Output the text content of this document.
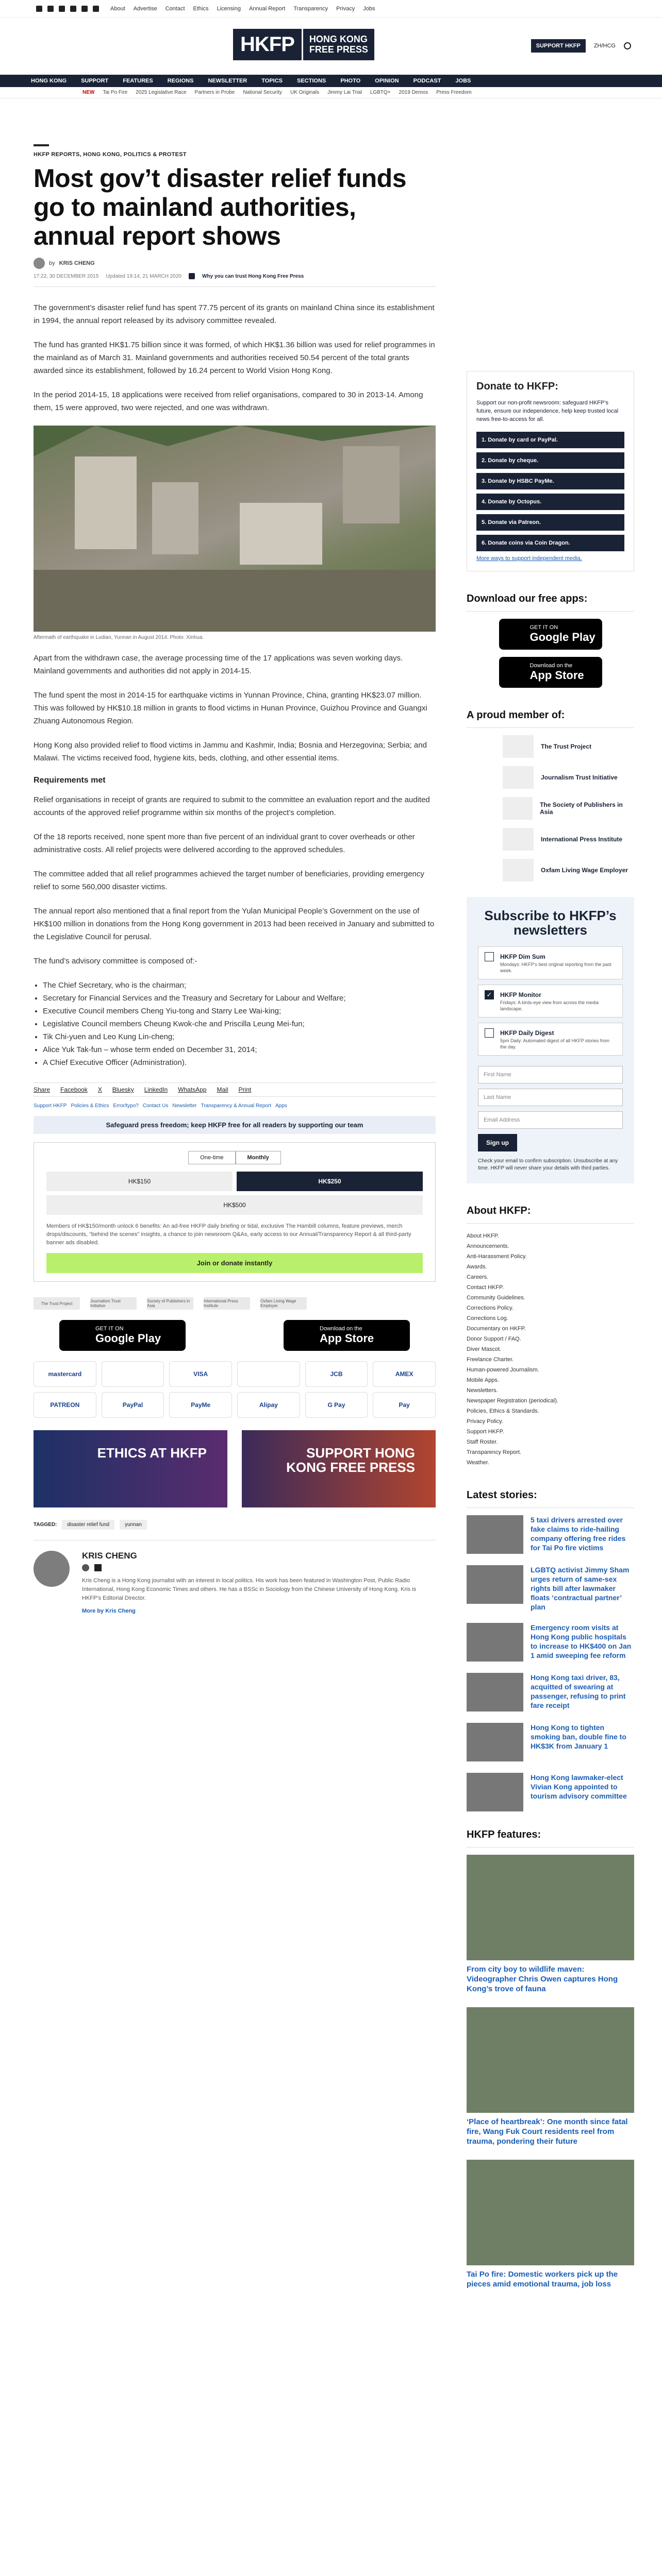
About Advertise Contact Ethics Licensing Annual Report Transparency Privacy Jobs
HKFP	HONG KONG
FREE PRESS	SUPPORT HKFP	ZH/HCG
HONG KONG	SUPPORT	FEATURES	REGIONS	NEWSLETTER	TOPICS	SECTIONS	PHOTO	OPINION	PODCAST	JOBS
NEW Tai Po Fire 2025 Legislative Race Partners in Probe National Security UK Originals Jimmy Lai Trial LGBTQ+ 2019 Demos Press Freedom
HKFP REPORTS, HONG KONG, POLITICS & PROTEST
Most gov’t disaster relief funds go to mainland authorities, annual report shows
by KRIS CHENG
17:22, 30 DECEMBER 2015 Updated 19:14, 21 MARCH 2020	Why you can trust Hong Kong Free Press

The government’s disaster relief fund has spent 77.75 percent of its grants on mainland China since its establishment in 1994, the annual report released by its advisory committee revealed.

The fund has granted HK$1.75 billion since it was formed, of which HK$1.36 billion was used for relief programmes in the mainland as of March 31. Mainland governments and authorities received 50.54 percent of the total grants awarded since its establishment, followed by 16.24 percent to World Vision Hong Kong.

In the period 2014-15, 18 applications were received from relief organisations, compared to 30 in 2013-14. Among them, 15 were approved, two were rejected, and one was withdrawn.

Aftermath of earthquake in Ludian, Yunnan in August 2014. Photo: Xinhua.

Apart from the withdrawn case, the average processing time of the 17 applications was seven working days. Mainland governments and authorities did not apply in 2014-15.

The fund spent the most in 2014-15 for earthquake victims in Yunnan Province, China, granting HK$23.07 million. This was followed by HK$10.18 million in grants to flood victims in Hunan Province, Guizhou Province and Guangxi Zhuang Autonomous Region.

Hong Kong also provided relief to flood victims in Jammu and Kashmir, India; Bosnia and Herzegovina; Serbia; and Malawi. The victims received food, hygiene kits, beds, clothing, and other essential items.

Requirements met

Relief organisations in receipt of grants are required to submit to the committee an evaluation report and the audited accounts of the approved relief programme within six months of the project’s completion.

Of the 18 reports received, none spent more than five percent of an individual grant to cover overheads or other administrative costs. All relief projects were delivered according to the approved schedules.

The committee added that all relief programmes achieved the target number of beneficiaries, providing emergency relief to some 560,000 disaster victims.

The annual report also mentioned that a final report from the Yulan Municipal People’s Government on the use of HK$100 million in donations from the Hong Kong government in 2013 had been received in January and submitted to the Legislative Council for perusal.

The fund’s advisory committee is composed of:-

• The Chief Secretary, who is the chairman;
• Secretary for Financial Services and the Treasury and Secretary for Labour and Welfare;
• Executive Council members Cheng Yiu-tong and Starry Lee Wai-king;
• Legislative Council members Cheung Kwok-che and Priscilla Leung Mei-fun;
• Tik Chi-yuen and Leo Kung Lin-cheng;
• Alice Yuk Tak-fun – whose term ended on December 31, 2014;
• A Chief Executive Officer (Administration).
Share Facebook X Bluesky LinkedIn WhatsApp Mail Print
Support HKFP Policies & Ethics Error/typo? Contact Us Newsletter Transparency & Annual Report Apps
Safeguard press freedom; keep HKFP free for all readers by supporting our team
One-time	Monthly
HK$150	HK$250
HK$500
Members of HK$150/month unlock 6 benefits: An ad-free HKFP daily briefing or tidal, exclusive The Hambill columns, feature previews, merch drops/discounts, "behind the scenes" insights, a chance to join newsroom Q&As, early access to our Annual/Transparency Report & all third-party banner ads disabled.
Join or donate instantly
The Trust Project	Journalism Trust Initiative
Society of Publishers in Asia
International Press Institute
Oxfam Living Wage Employer
GET IT ON
Google Play
Download on the
App Store
mastercard	VISA	JCB	AMEX
PATREON	PayPal	PayMe	Alipay	G Pay	Pay
ETHICS AT HKFP	SUPPORT HONG KONG FREE PRESS
TAGGED:	disaster relief fund	yunnan
KRIS CHENG

Kris Cheng is a Hong Kong journalist with an interest in local politics. His work has been featured in Washington Post, Public Radio International, Hong Kong Economic Times and others. He has a BSSc in Sociology from the Chinese University of Hong Kong. Kris is HKFP’s Editorial Director.

More by Kris Cheng
Donate to HKFP:

Support our non-profit newsroom: safeguard HKFP’s future, ensure our independence, help keep trusted local news free-to-access for all.

1. Donate by card or PayPal.
2. Donate by cheque.
3. Donate by HSBC PayMe.
4. Donate by Octopus.
5. Donate via Patreon.
6. Donate coins via Coin Dragon.
More ways to support independent media.
Download our free apps:
GET IT ON
Google Play
Download on the
App Store
A proud member of:
The Trust Project
Journalism Trust Initiative
The Society of Publishers in Asia
International Press Institute
Oxfam Living Wage Employer
Subscribe to HKFP’s newsletters
HKFP Dim Sum

Mondays: HKFP’s best original reporting from the past week.

✓ HKFP Monitor

Fridays: A birds-eye view from across the media landscape.

HKFP Daily Digest

5pm Daily: Automated digest of all HKFP stories from the day.

First Name
Last Name
Email Address
Sign up
Check your email to confirm subscription. Unsubscribe at any time. HKFP will never share your details with third parties.
About HKFP:
About HKFP.
Announcements.
Anti-Harassment Policy.
Awards.
Careers.
Contact HKFP.
Community Guidelines.
Corrections Policy.
Corrections Log.
Documentary on HKFP.
Donor Support / FAQ.
Diver Mascot.
Freelance Charter.
Human-powered Journalism.
Mobile Apps.
Newsletters.
Newspaper Registration (periodical).
Policies, Ethics & Standards.
Privacy Policy.
Support HKFP.
Staff Roster.
Transparency Report.
Weather.
Latest stories:

5 taxi drivers arrested over fake claims to ride-hailing company offering free rides for Tai Po fire victims

LGBTQ activist Jimmy Sham urges return of same-sex rights bill after lawmaker floats ‘contractual partner’ plan

Emergency room visits at Hong Kong public hospitals to increase to HK$400 on Jan 1 amid sweeping fee reform

Hong Kong taxi driver, 83, acquitted of swearing at passenger, refusing to print fare receipt

Hong Kong to tighten smoking ban, double fine to HK$3K from January 1

Hong Kong lawmaker-elect Vivian Kong appointed to tourism advisory committee

HKFP features:

From city boy to wildlife maven: Videographer Chris Owen captures Hong Kong’s trove of fauna

‘Place of heartbreak’: One month since fatal fire, Wang Fuk Court residents reel from trauma, pondering their future

Tai Po fire: Domestic workers pick up the pieces amid emotional trauma, job loss
